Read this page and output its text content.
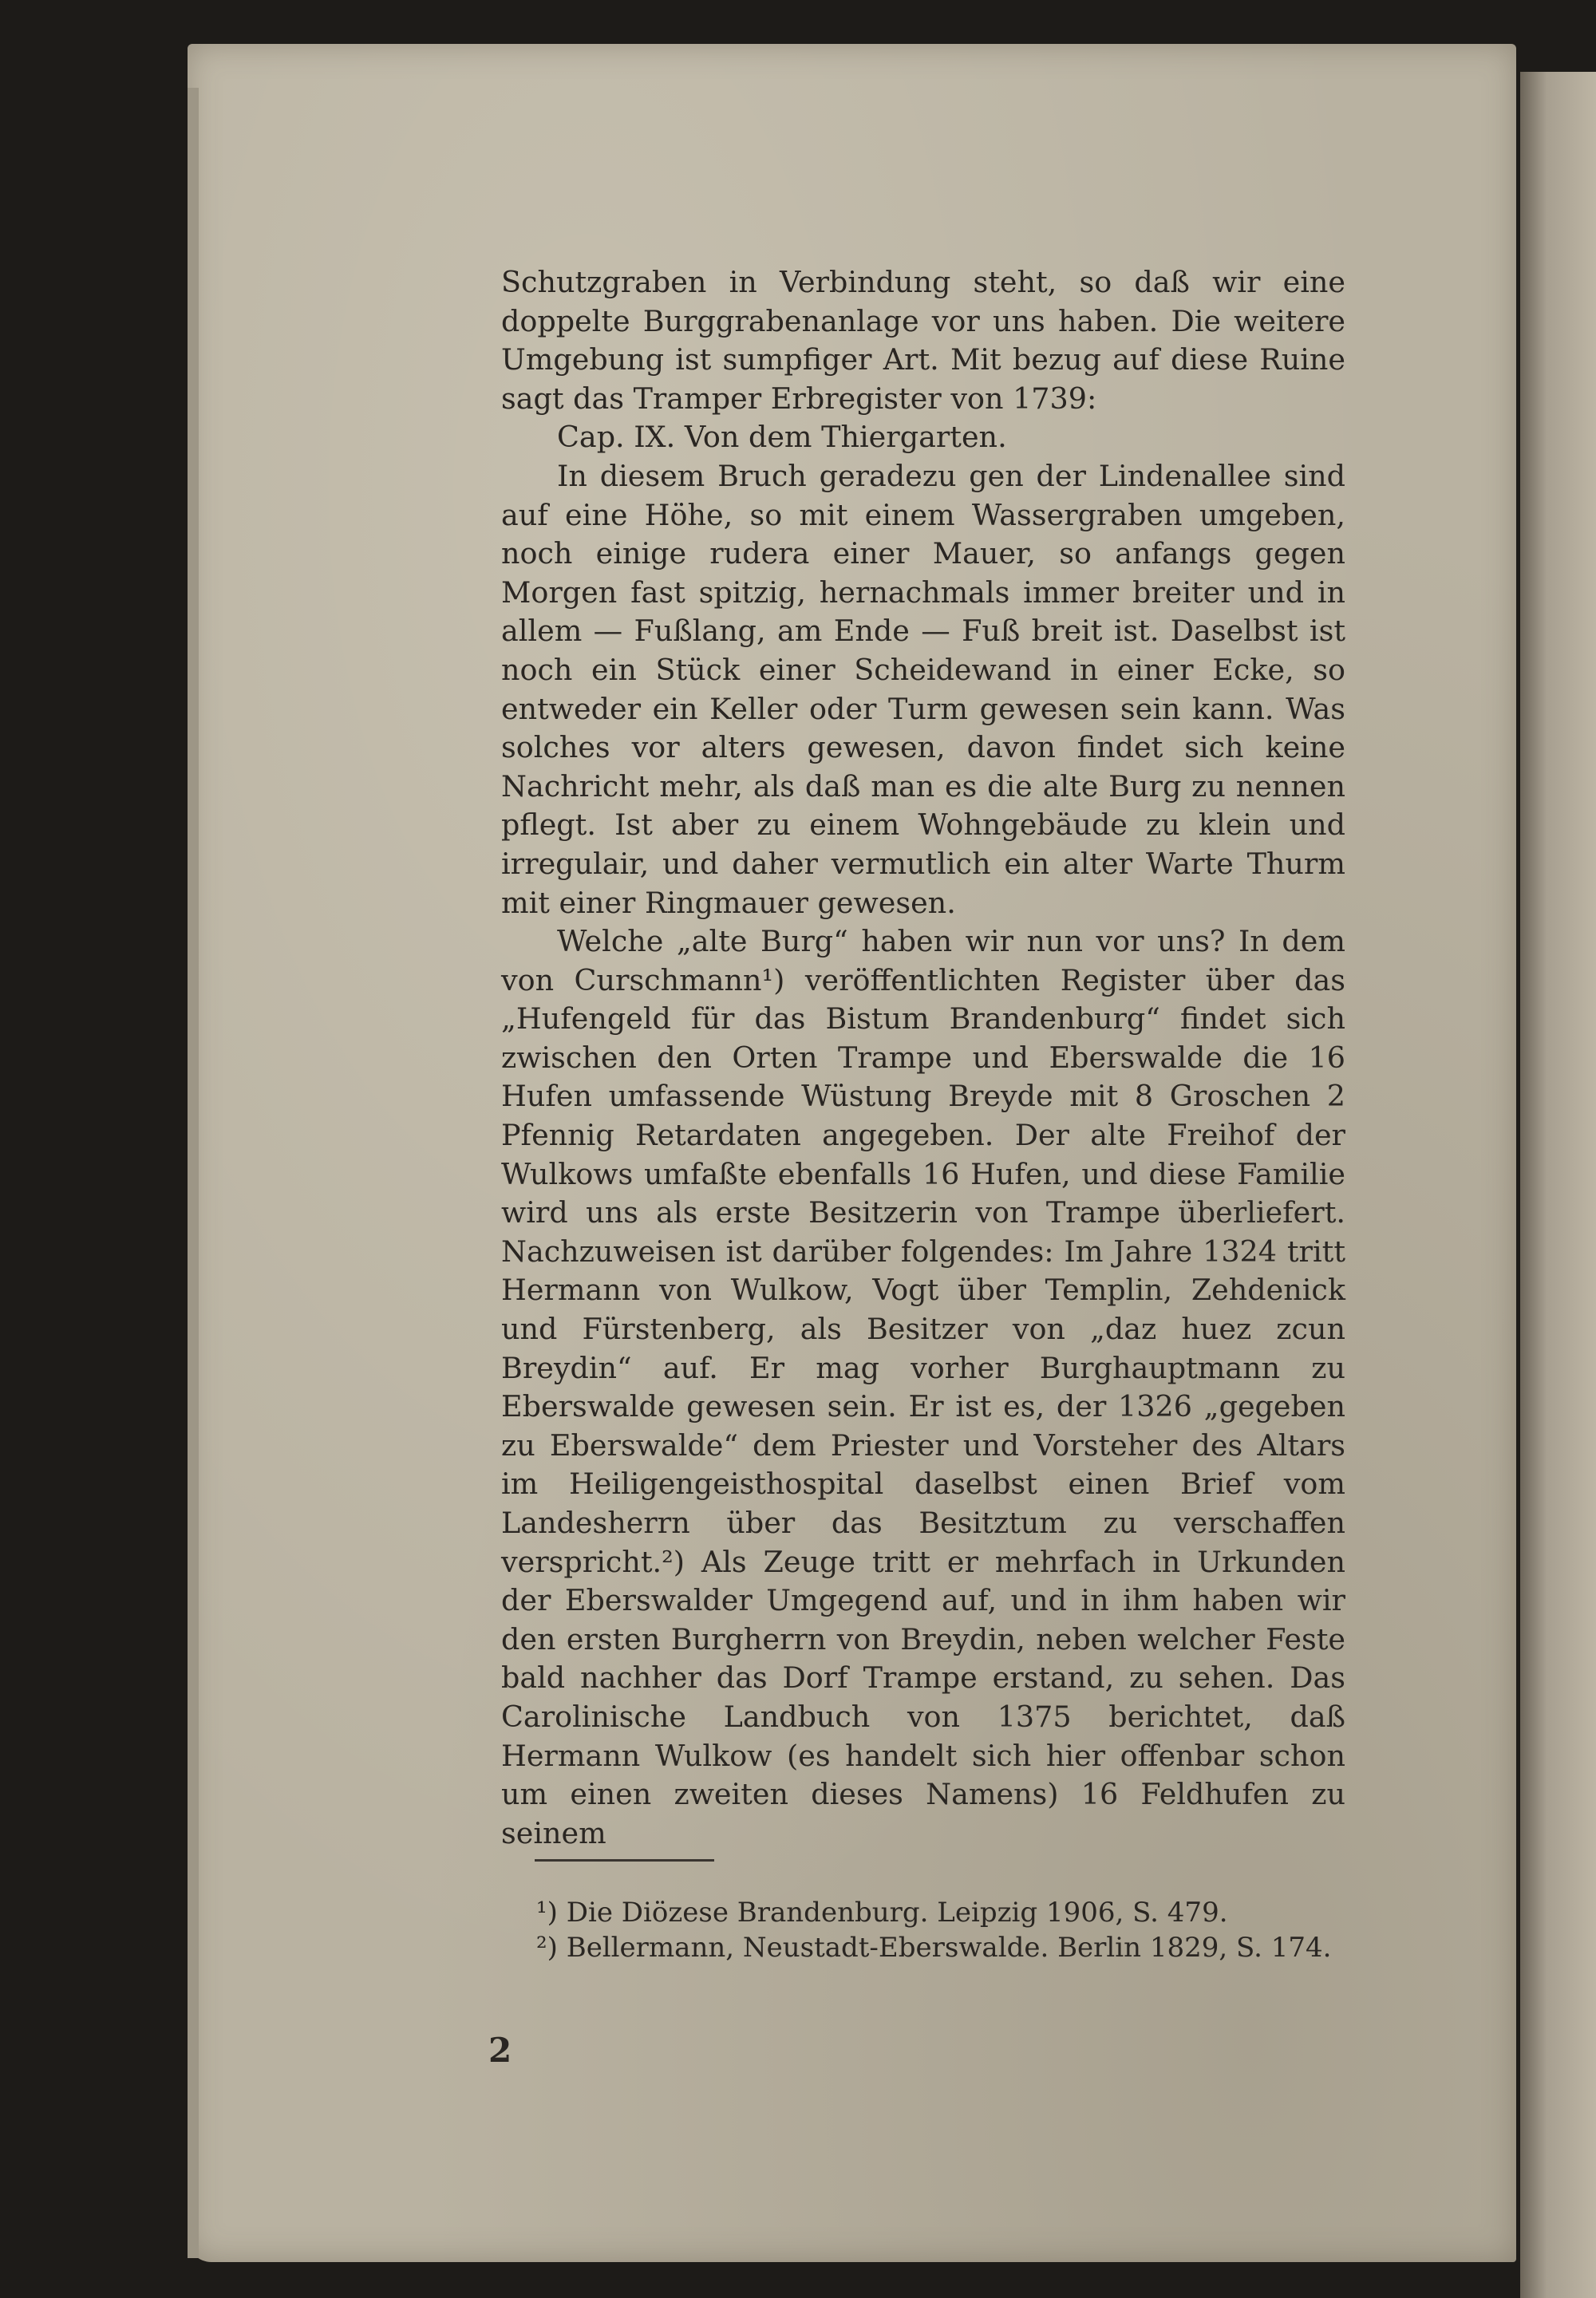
Schutzgraben in Verbindung steht, so daß wir eine doppelte Burggrabenanlage vor uns haben. Die weitere Umgebung ist sumpfiger Art. Mit bezug auf diese Ruine sagt das Tramper Erbregister von 1739:

Cap. IX. Von dem Thiergarten.

In diesem Bruch geradezu gen der Lindenallee sind auf eine Höhe, so mit einem Wassergraben umgeben, noch einige rudera einer Mauer, so anfangs gegen Morgen fast spitzig, hernachmals immer breiter und in allem — Fußlang, am Ende — Fuß breit ist. Daselbst ist noch ein Stück einer Scheidewand in einer Ecke, so entweder ein Keller oder Turm gewesen sein kann. Was solches vor alters gewesen, davon findet sich keine Nachricht mehr, als daß man es die alte Burg zu nennen pflegt. Ist aber zu einem Wohngebäude zu klein und irregulair, und daher vermutlich ein alter Warte Thurm mit einer Ringmauer gewesen.

Welche „alte Burg“ haben wir nun vor uns? In dem von Curschmann¹) veröffentlichten Register über das „Hufengeld für das Bistum Brandenburg“ findet sich zwischen den Orten Trampe und Eberswalde die 16 Hufen umfassende Wüstung Breyde mit 8 Groschen 2 Pfennig Retardaten angegeben. Der alte Freihof der Wulkows umfaßte ebenfalls 16 Hufen, und diese Familie wird uns als erste Besitzerin von Trampe überliefert. Nachzuweisen ist darüber folgendes: Im Jahre 1324 tritt Hermann von Wulkow, Vogt über Templin, Zehdenick und Fürstenberg, als Besitzer von „daz huez zcun Breydin“ auf. Er mag vorher Burghauptmann zu Eberswalde gewesen sein. Er ist es, der 1326 „gegeben zu Eberswalde“ dem Priester und Vorsteher des Altars im Heiligengeisthospital daselbst einen Brief vom Landesherrn über das Besitztum zu verschaffen verspricht.²) Als Zeuge tritt er mehrfach in Urkunden der Eberswalder Umgegend auf, und in ihm haben wir den ersten Burgherrn von Breydin, neben welcher Feste bald nachher das Dorf Trampe erstand, zu sehen. Das Carolinische Landbuch von 1375 berichtet, daß Hermann Wulkow (es handelt sich hier offenbar schon um einen zweiten dieses Namens) 16 Feldhufen zu seinem

¹) Die Diözese Brandenburg. Leipzig 1906, S. 479.

²) Bellermann, Neustadt-Eberswalde. Berlin 1829, S. 174.

2
